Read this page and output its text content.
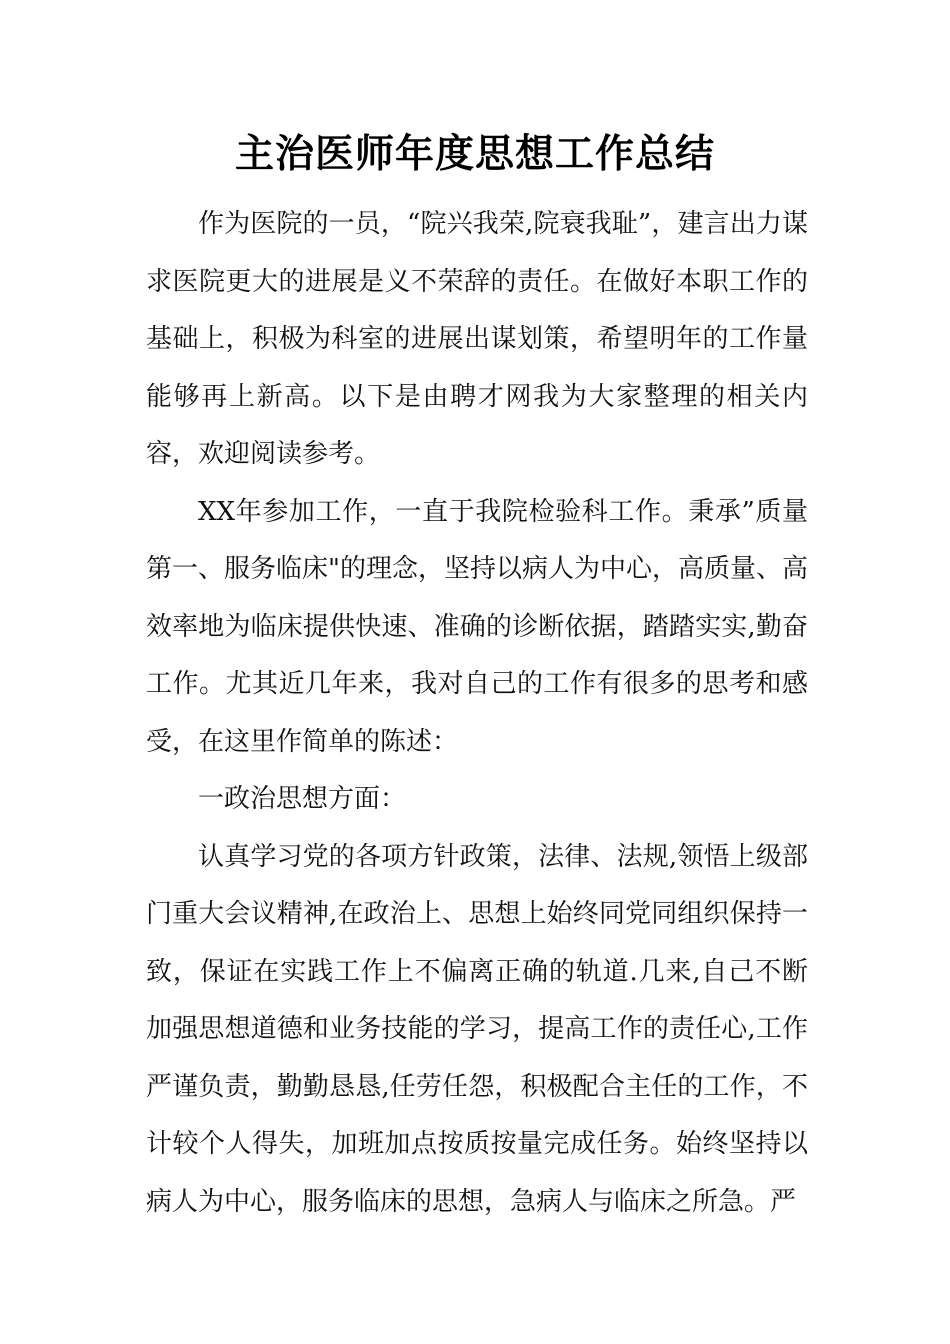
主治医师年度思想工作总结

作为医院的一员，“院兴我荣,院衰我耻”，建言出力谋求医院更大的进展是义不荣辞的责任。在做好本职工作的基础上，积极为科室的进展出谋划策，希望明年的工作量能够再上新高。以下是由聘才网我为大家整理的相关内容，欢迎阅读参考。

XX年参加工作，一直于我院检验科工作。秉承”质量第一、服务临床"的理念，坚持以病人为中心，高质量、高效率地为临床提供快速、准确的诊断依据，踏踏实实,勤奋工作。尤其近几年来，我对自己的工作有很多的思考和感受，在这里作简单的陈述：

一政治思想方面：

认真学习党的各项方针政策，法律、法规,领悟上级部门重大会议精神,在政治上、思想上始终同党同组织保持一致，保证在实践工作上不偏离正确的轨道.几来,自己不断加强思想道德和业务技能的学习，提高工作的责任心,工作严谨负责，勤勤恳恳,任劳任怨，积极配合主任的工作，不计较个人得失，加班加点按质按量完成任务。始终坚持以病人为中心，服务临床的思想，急病人与临床之所急。严
